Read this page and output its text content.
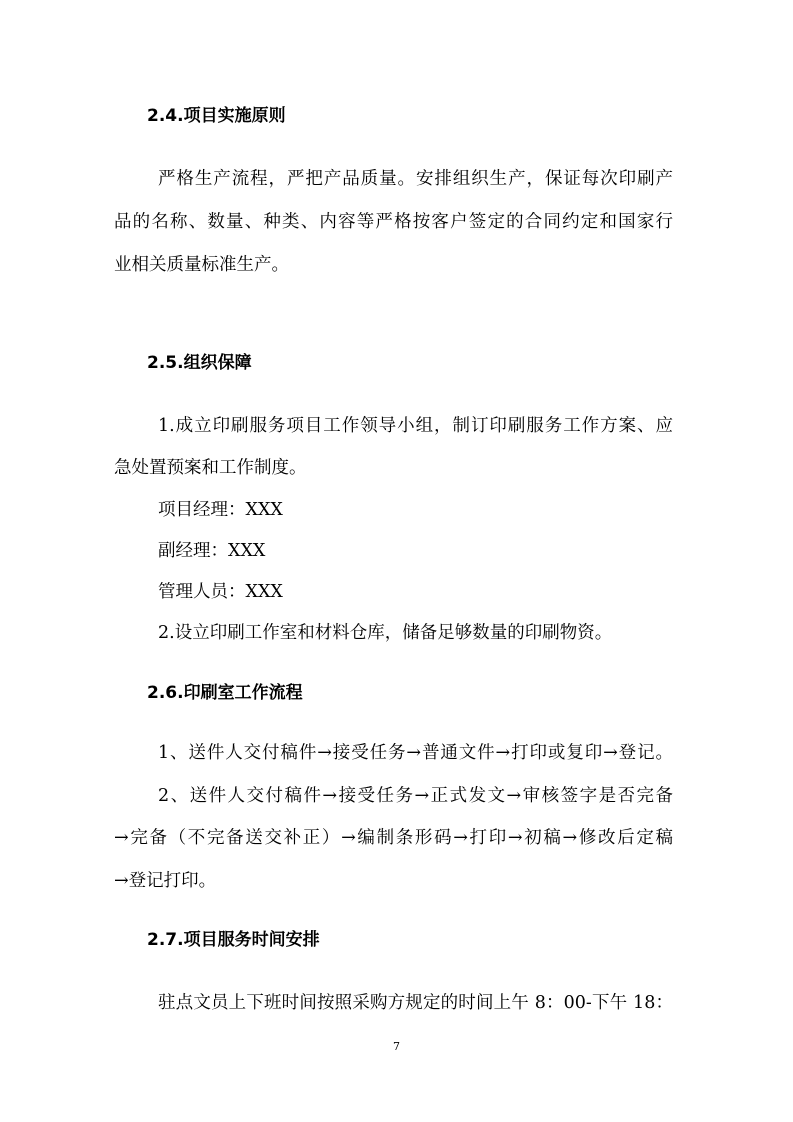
2.4.项目实施原则
严格生产流程，严把产品质量。安排组织生产，保证每次印刷产
品的名称、数量、种类、内容等严格按客户签定的合同约定和国家行
业相关质量标准生产。
2.5.组织保障
1.成立印刷服务项目工作领导小组，制订印刷服务工作方案、应
急处置预案和工作制度。
项目经理：XXX
副经理：XXX
管理人员：XXX
2.设立印刷工作室和材料仓库，储备足够数量的印刷物资。
2.6.印刷室工作流程
1、送件人交付稿件→接受任务→普通文件→打印或复印→登记。
2、送件人交付稿件→接受任务→正式发文→审核签字是否完备
→完备（不完备送交补正）→编制条形码→打印→初稿→修改后定稿
→登记打印。
2.7.项目服务时间安排
驻点文员上下班时间按照采购方规定的时间上午 8：00-下午 18：
7
